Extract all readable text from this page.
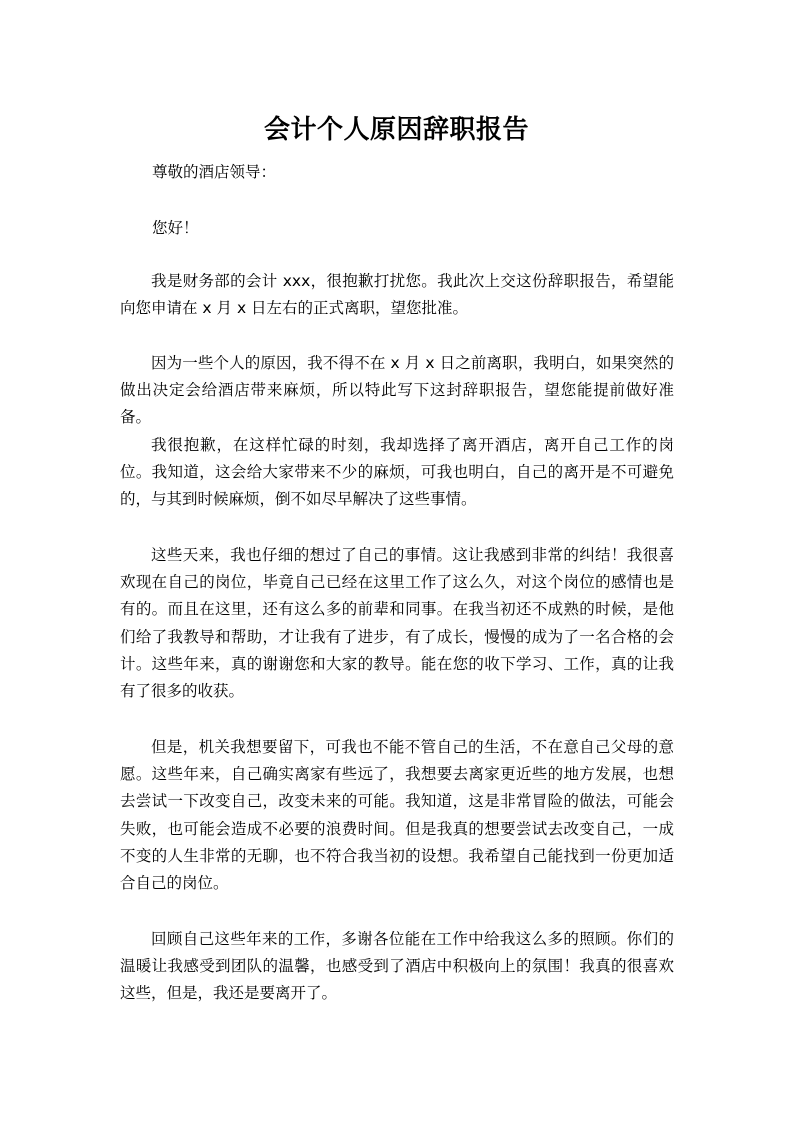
会计个人原因辞职报告
尊敬的酒店领导：
您好！

我是财务部的会计 xxx，很抱歉打扰您。我此次上交这份辞职报告，希望能向您申请在 x 月 x 日左右的正式离职，望您批准。

因为一些个人的原因，我不得不在 x 月 x 日之前离职，我明白，如果突然的做出决定会给酒店带来麻烦，所以特此写下这封辞职报告，望您能提前做好准备。

我很抱歉，在这样忙碌的时刻，我却选择了离开酒店，离开自己工作的岗位。我知道，这会给大家带来不少的麻烦，可我也明白，自己的离开是不可避免的，与其到时候麻烦，倒不如尽早解决了这些事情。

这些天来，我也仔细的想过了自己的事情。这让我感到非常的纠结！我很喜欢现在自己的岗位，毕竟自己已经在这里工作了这么久，对这个岗位的感情也是有的。而且在这里，还有这么多的前辈和同事。在我当初还不成熟的时候，是他们给了我教导和帮助，才让我有了进步，有了成长，慢慢的成为了一名合格的会计。这些年来，真的谢谢您和大家的教导。能在您的收下学习、工作，真的让我有了很多的收获。

但是，机关我想要留下，可我也不能不管自己的生活，不在意自己父母的意愿。这些年来，自己确实离家有些远了，我想要去离家更近些的地方发展，也想去尝试一下改变自己，改变未来的可能。我知道，这是非常冒险的做法，可能会失败，也可能会造成不必要的浪费时间。但是我真的想要尝试去改变自己，一成不变的人生非常的无聊，也不符合我当初的设想。我希望自己能找到一份更加适合自己的岗位。

回顾自己这些年来的工作，多谢各位能在工作中给我这么多的照顾。你们的温暖让我感受到团队的温馨，也感受到了酒店中积极向上的氛围！我真的很喜欢这些，但是，我还是要离开了。
